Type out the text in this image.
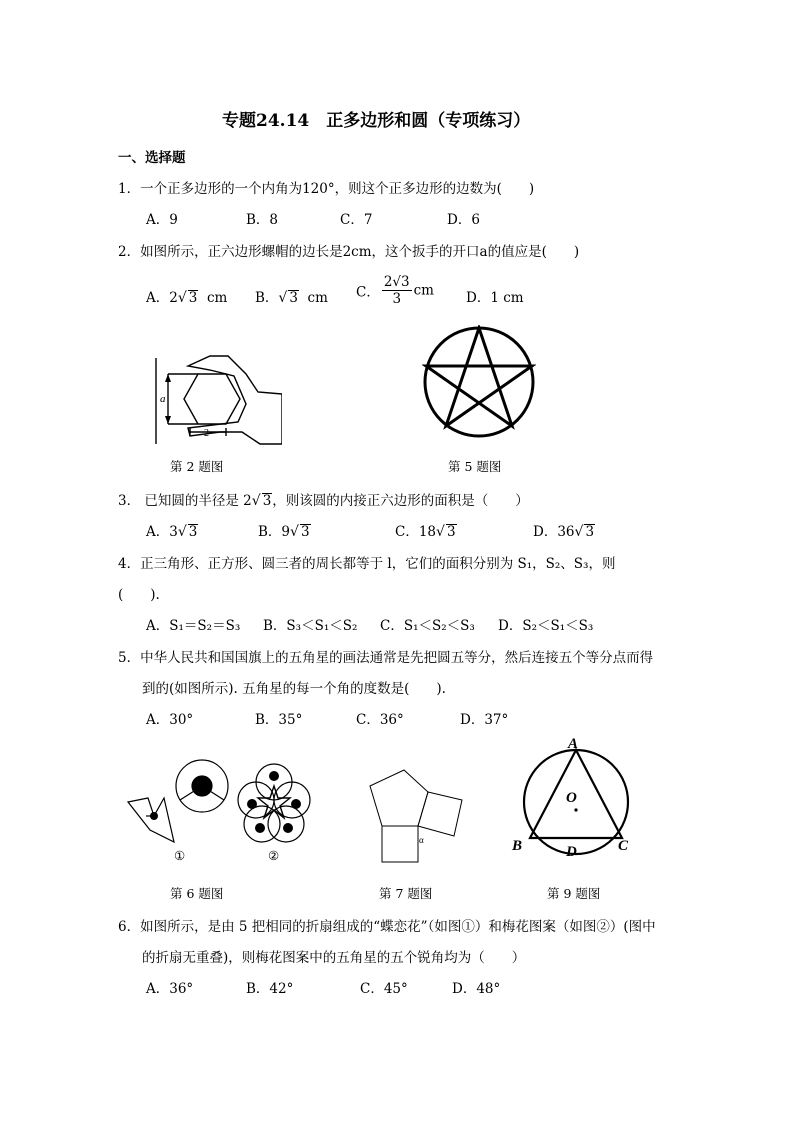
专题24.14　正多边形和圆（专项练习）
一、选择题
1．一个正多边形的一个内角为120°，则这个正多边形的边数为(　　)
A．9	B．8	C．7	D．6
2．如图所示，正六边形螺帽的边长是2cm，这个扳手的开口a的值应是(　　)
A．2√ 3 cm B．√ 3 cm C． $\frac{2√3}{3}$ cm D．1 cm
a
2
第 2 题图	第 5 题图
3． 已知圆的半径是 2√ 3，则该圆的内接正六边形的面积是（　　）
A．3√ 3	B．9√ 3	C．18√ 3	D．36√ 3
4．正三角形、正方形、圆三者的周长都等于 l，它们的面积分别为 S₁，S₂、S₃，则
(　　).
A．S₁＝S₂＝S₃ B．S₃＜S₁＜S₂ C．S₁＜S₂＜S₃ D．S₂＜S₁＜S₃
5．中华人民共和国国旗上的五角星的画法通常是先把圆五等分，然后连接五个等分点而得
到的(如图所示). 五角星的每一个角的度数是(　　).
A．30°	B．35°	C．36°	D．37°
①	②
第 6 题图
α
第 7 题图
A
O
B	D	C
第 9 题图
6．如图所示，是由 5 把相同的折扇组成的“蝶恋花”（如图①）和梅花图案（如图②）(图中
的折扇无重叠)，则梅花图案中的五角星的五个锐角均为（　　）
A．36°	B．42°	C．45°	D．48°
